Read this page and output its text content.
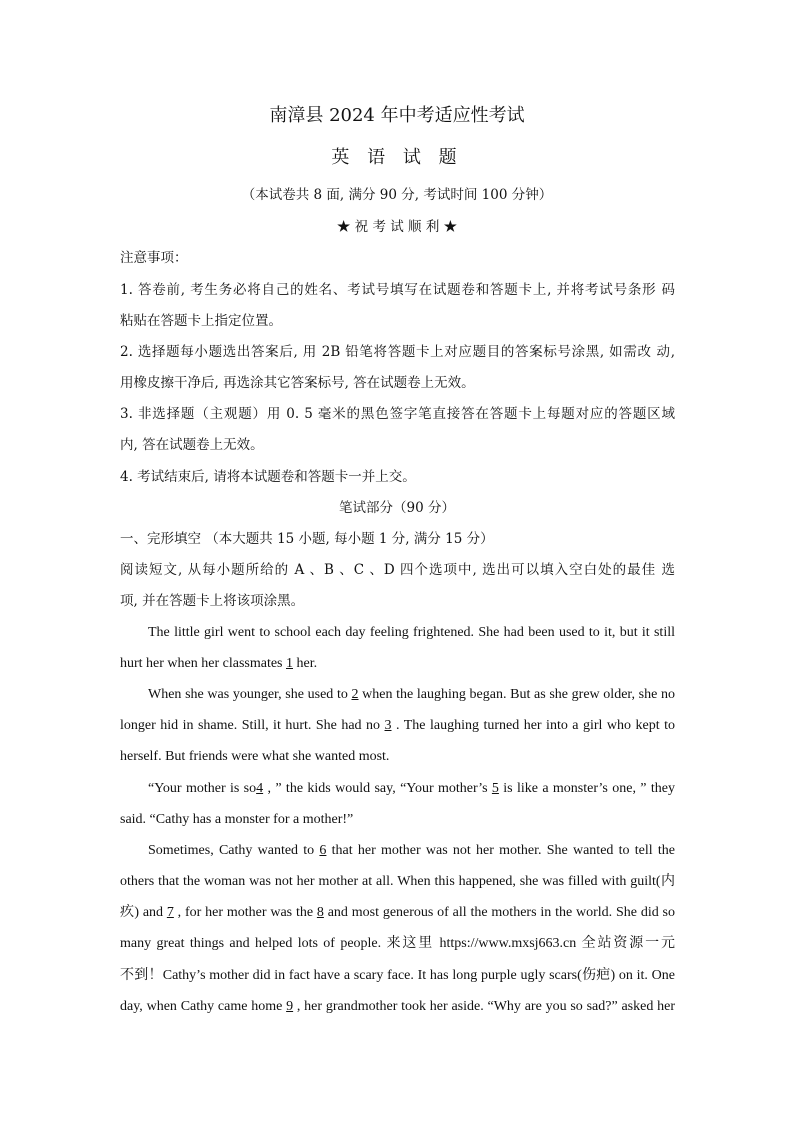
南漳县 2024 年中考适应性考试
英 语 试 题
（本试卷共 8 面, 满分 90 分, 考试时间 100 分钟）
★ 祝 考 试 顺 利 ★
注意事项：
1. 答卷前, 考生务必将自己的姓名、考试号填写在试题卷和答题卡上, 并将考试号条形 码
粘贴在答题卡上指定位置。
2. 选择题每小题选出答案后, 用 2B 铅笔将答题卡上对应题目的答案标号涂黑, 如需改 动,
用橡皮擦干净后, 再选涂其它答案标号, 答在试题卷上无效。
3. 非选择题（主观题）用 0. 5 毫米的黑色签字笔直接答在答题卡上每题对应的答题区域
内, 答在试题卷上无效。
4. 考试结束后, 请将本试题卷和答题卡一并上交。
笔试部分（90 分）
一、完形填空 （本大题共 15 小题, 每小题 1 分, 满分 15 分）
阅读短文, 从每小题所给的 A 、B 、C 、D 四个选项中, 选出可以填入空白处的最佳 选
项, 并在答题卡上将该项涂黑。
The little girl went to school each day feeling frightened. She had been used to it, but it still
hurt her when her classmates 1 her.
When she was younger, she used to 2 when the laughing began. But as she grew older, she no
longer hid in shame. Still, it hurt. She had no 3 . The laughing turned her into a girl who kept to
herself. But friends were what she wanted most.
“Your mother is so4 , ” the kids would say, “Your mother’s 5 is like a monster’s one, ” they
said. “Cathy has a monster for a mother!”
Sometimes, Cathy wanted to 6 that her mother was not her mother. She wanted to tell the
others that the woman was not her mother at all. When this happened, she was filled with guilt(内
疚) and 7 , for her mother was the 8 and most generous of all the mothers in the world. She did so
many great things and helped lots of people. 来这里 https://www.mxsj663.cn 全站资源一元
不到！Cathy’s mother did in fact have a scary face. It has long purple ugly scars(伤疤) on it. One
day, when Cathy came home 9 , her grandmother took her aside. “Why are you so sad?” asked her
